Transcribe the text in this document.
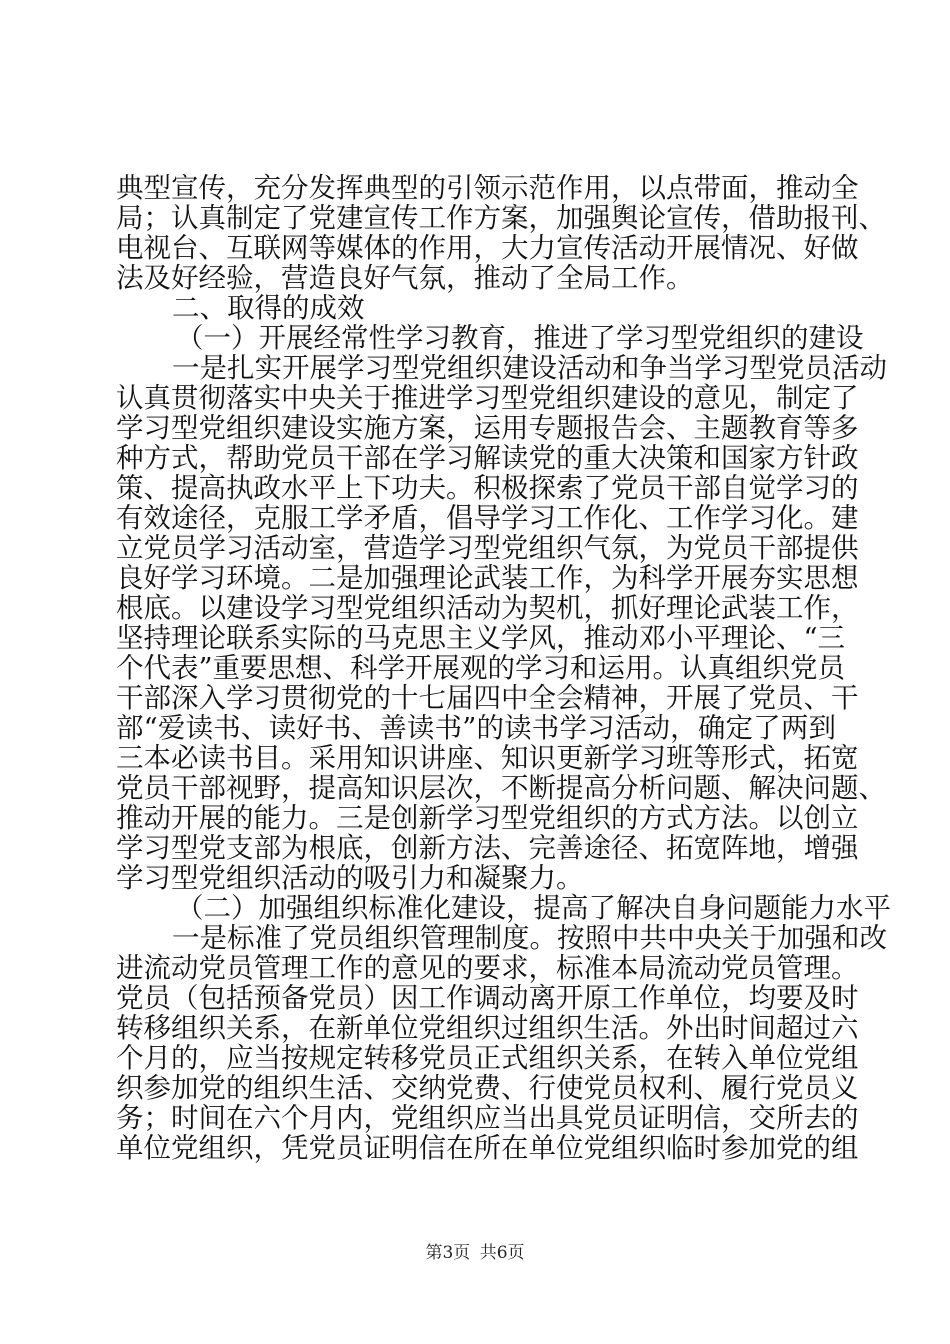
典型宣传，充分发挥典型的引领示范作用，以点带面，推动全
局；认真制定了党建宣传工作方案，加强舆论宣传，借助报刊、
电视台、互联网等媒体的作用，大力宣传活动开展情况、好做
法及好经验，营造良好气氛，推动了全局工作。
二、取得的成效
（一）开展经常性学习教育，推进了学习型党组织的建设
一是扎实开展学习型党组织建设活动和争当学习型党员活动
认真贯彻落实中央关于推进学习型党组织建设的意见，制定了
学习型党组织建设实施方案，运用专题报告会、主题教育等多
种方式，帮助党员干部在学习解读党的重大决策和国家方针政
策、提高执政水平上下功夫。积极探索了党员干部自觉学习的
有效途径，克服工学矛盾，倡导学习工作化、工作学习化。建
立党员学习活动室，营造学习型党组织气氛，为党员干部提供
良好学习环境。二是加强理论武装工作，为科学开展夯实思想
根底。以建设学习型党组织活动为契机，抓好理论武装工作，
坚持理论联系实际的马克思主义学风，推动邓小平理论、“三
个代表”重要思想、科学开展观的学习和运用。认真组织党员
干部深入学习贯彻党的十七届四中全会精神，开展了党员、干
部“爱读书、读好书、善读书”的读书学习活动，确定了两到
三本必读书目。采用知识讲座、知识更新学习班等形式，拓宽
党员干部视野，提高知识层次，不断提高分析问题、解决问题、
推动开展的能力。三是创新学习型党组织的方式方法。以创立
学习型党支部为根底，创新方法、完善途径、拓宽阵地，增强
学习型党组织活动的吸引力和凝聚力。
（二）加强组织标准化建设，提高了解决自身问题能力水平
一是标准了党员组织管理制度。按照中共中央关于加强和改
进流动党员管理工作的意见的要求，标准本局流动党员管理。
党员（包括预备党员）因工作调动离开原工作单位，均要及时
转移组织关系，在新单位党组织过组织生活。外出时间超过六
个月的，应当按规定转移党员正式组织关系，在转入单位党组
织参加党的组织生活、交纳党费、行使党员权利、履行党员义
务；时间在六个月内，党组织应当出具党员证明信，交所去的
单位党组织，凭党员证明信在所在单位党组织临时参加党的组
第3页 共6页
